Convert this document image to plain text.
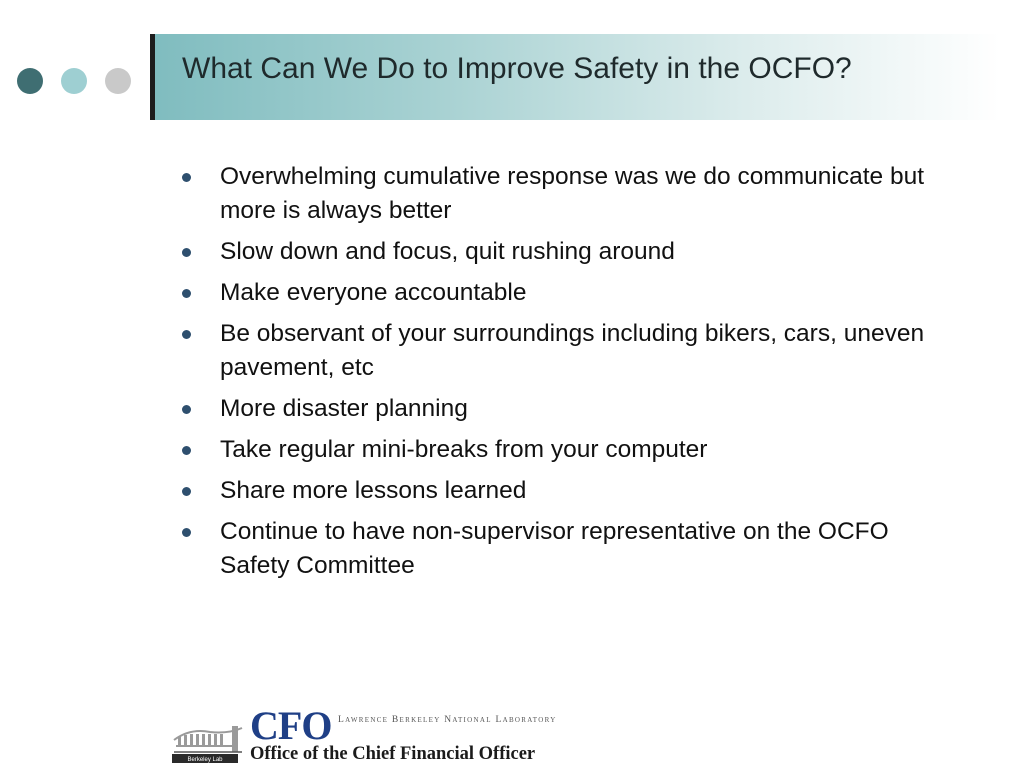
What Can We Do to Improve Safety in the OCFO?
Overwhelming cumulative response was we do communicate but more is always better
Slow down and focus, quit rushing around
Make everyone accountable
Be observant of your surroundings including bikers, cars, uneven pavement, etc
More disaster planning
Take regular mini-breaks from your computer
Share more lessons learned
Continue to have non-supervisor representative on the OCFO Safety Committee
Berkeley Lab
CFO Lawrence Berkeley National Laboratory
Office of the Chief Financial Officer
